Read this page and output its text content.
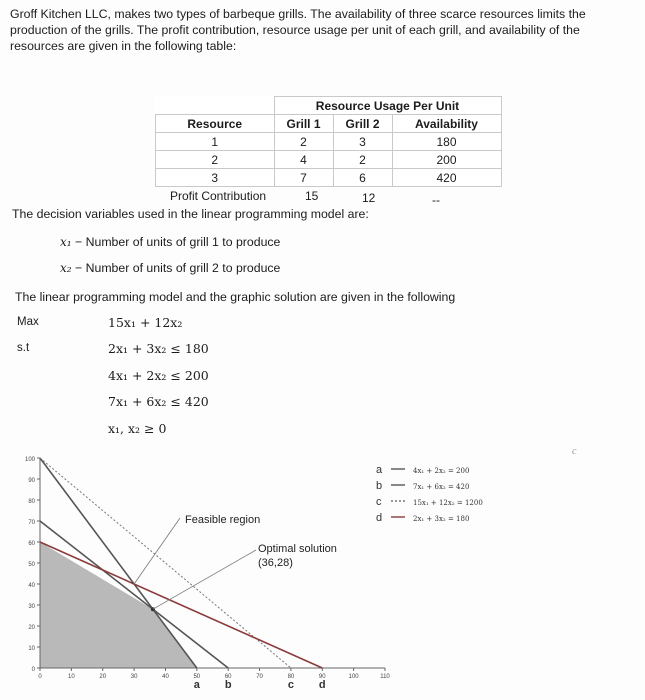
Groff Kitchen LLC, makes two types of barbeque grills. The availability of three scarce resources limits the production of the grills. The profit contribution, resource usage per unit of each grill, and availability of the resources are given in the following table:
	Resource Usage Per Unit		
Resource	Grill 1	Grill 2	Availability
1	2	3	180
2	4	2	200
3	7	6	420
Profit Contribution	15	12	--
The decision variables used in the linear programming model are:
x₁ − Number of units of grill 1 to produce
x₂ − Number of units of grill 2 to produce
The linear programming model and the graphic solution are given in the following
Max	15x₁ + 12x₂
s.t	2x₁ + 3x₂ ≤ 180
4x₁ + 2x₂ ≤ 200
7x₁ + 6x₂ ≤ 420
x₁, x₂ ≥ 0
0
10
20
30
40
50
60
70
80
90
100
0	10	20	30	40	50	60	70	80	90	100	110
a b	c d
Feasible region
Optimal solution
(36,28)
a	4x₁ + 2x₂ = 200
b	7x₁ + 6x₂ = 420
c	15x₁ + 12x₂ = 1200
d	2x₁ + 3x₂ = 180
c
